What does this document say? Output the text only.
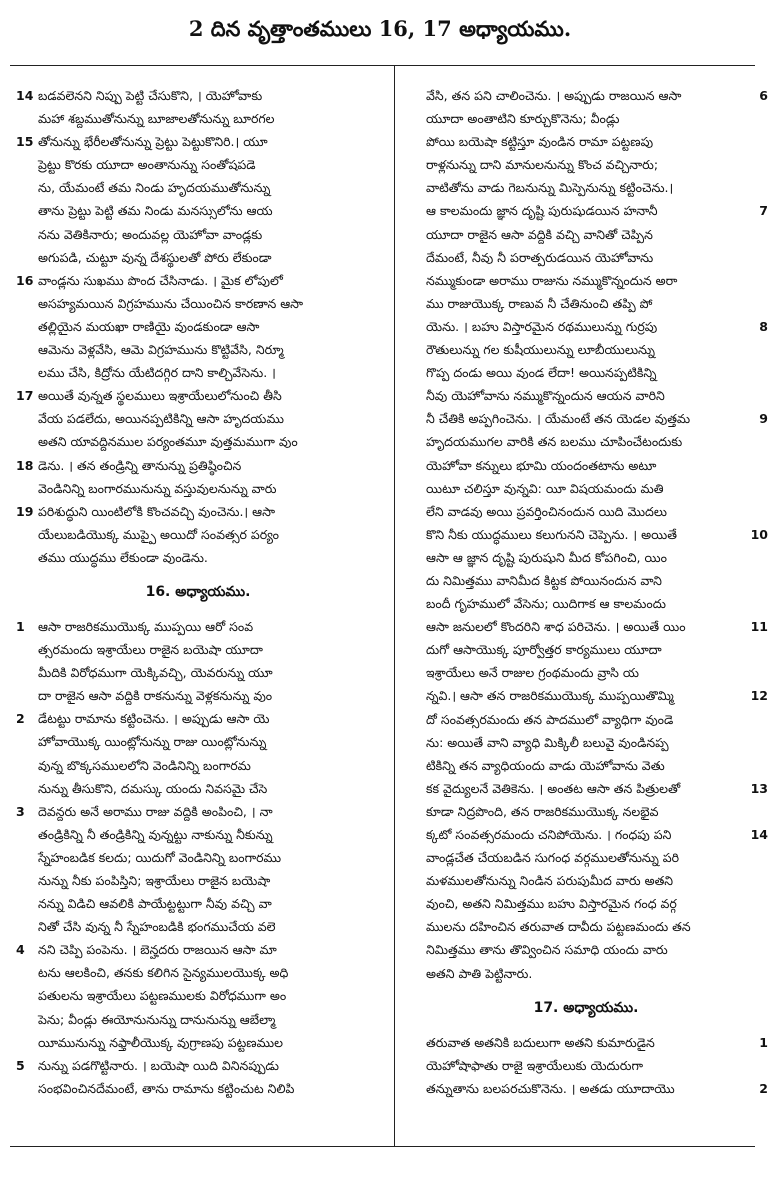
2 దిన వృత్తాంతములు 16, 17 అధ్యాయము.
14 బడవలెనని నిప్పు పెట్టి చేసుకొని, । యెహోవాకు
మహా శబ్దముతోనున్ను బూజాలతోనున్ను బూరగల
15 తోనున్ను భేరీలతోనున్ను ప్రెట్టు పెట్టుకొనిరి.। యూ
ప్రెట్టు కొరకు యూదా అంతానున్ను సంతోషపడె
ను, యేమంటే తమ నిండు హృదయముతోనున్ను
తాను ప్రెట్టు పెట్టి తమ నిండు మనస్సులోను ఆయ
నను వెతికినారు; అందువల్ల యెహోవా వాండ్లకు
అగుపడి, చుట్టూ వున్న దేశస్థులతో పోరు లేకుండా
16 వాండ్లను సుఖము పొంద చేసినాడు. । మైక లోపులో
అసహ్యమయిన విగ్రహమును చేయించిన కారణాన ఆసా
తల్లియైన మయఖా రాణియై వుండకుండా ఆసా
ఆమెను వెళ్లవేసి, ఆమె విగ్రహమును కొట్టివేసి, నిర్మూ
లము చేసి, కిద్రోను యేటిదగ్గిర దాని కాల్చివేసెను. ।
17 అయితే వున్నత స్థలములు ఇశ్రాయేలులోనుంచి తీసి
వేయ పడలేదు, అయినప్పటికిన్ని ఆసా హృదయము
అతని యావద్దినముల పర్యంతమూ వుత్తమముగా వుం
18 డెను. । తన తండ్రిన్ని తానున్ను ప్రతిష్ఠించిన
వెండినిన్ని బంగారమునున్ను వస్తువులనున్ను వారు
19 పరిశుద్ధుని యింటిలోకి కొంచవచ్చి వుంచెను.। ఆసా
యేలుబడియొక్క ముప్పై అయిదో సంవత్సర పర్యం
తము యుద్ధము లేకుండా వుండెను.
16. అధ్యాయము.
1	ఆసా రాజరికముయొక్క ముప్పయి ఆరో సంవ
త్సరమందు ఇశ్రాయేలు రాజైన బయెషా యూదా
మీదికి విరోధముగా యెక్కివచ్చి, యెవరున్ను యూ
దా రాజైన ఆసా వద్దికి రాకనున్ను వెళ్లకనున్ను వుం
2	డేటట్టు రామాను కట్టించెను. । అప్పుడు ఆసా యె
హోవాయొక్క యింట్లోనున్ను రాజు యింట్లోనున్ను
వున్న బొక్కసములలోని వెండినిన్ని బంగారమ
నున్ను తీసుకొని, దమస్కు యందు నివసమై చేసె
3	దెవన్దరు అనే అరాము రాజు వద్దికి అంపించి, । నా
తండ్రికిన్ని నీ తండ్రికిన్ని వున్నట్టు నాకున్ను నీకున్ను
స్నేహంబడిక కలదు; యిదుగో వెండినిన్ని బంగారము
నున్ను నీకు పంపిస్తిని; ఇశ్రాయేలు రాజైన బయెషా
నన్ను విడిచి ఆవలికి పాయేట్టట్టుగా నీవు వచ్చి వా
నితో చేసి వున్న నీ స్నేహంబడికి భంగముచేయ వలె
4	నని చెప్పి పంపెను. । బెన్హదరు రాజయిన ఆసా మా
టను ఆలకించి, తనకు కలిగిన సైన్యములయొక్క అధి
పతులను ఇశ్రాయేలు పట్టణములకు విరోధముగా అం
పెను; వీండ్లు ఈయోనునున్ను దానునున్ను ఆబేల్మా
యీమునున్ను నఫ్తాలీయొక్క వుగ్రాణపు పట్టణముల
5	నున్ను పడగొట్టినారు. । బయెషా యిది వినినప్పుడు
సంభవించినదేమంటే, తాను రామాను కట్టించుట నిలిపి
వేసి, తన పని చాలించెను. । అప్పుడు రాజయిన ఆసా	6
యూదా అంతాటిని కూర్చుకొనెను; వీండ్లు
పోయి బయెషా కట్టిస్తూ వుండిన రామా పట్టణపు
రాళ్లనున్ను దాని మానులనున్ను కొంచ వచ్చినారు;
వాటితోను వాడు గెబనున్ను మిస్పెనున్ను కట్టించెను.।
ఆ కాలమందు జ్ఞాన దృష్టి పురుషుడయిన హనానీ	7
యూదా రాజైన ఆసా వద్దికి వచ్చి వానితో చెప్పిన
దేమంటే, నీవు నీ పరాత్పరుడయిన యెహోవాను
నమ్ముకుండా అరాము రాజును నమ్ముకొన్నందున అరా
ము రాజుయొక్క రాణువ నీ చేతినుంచి తప్పి పో
యెను. । బహు విస్తారమైన రథములున్ను గుర్రపు	8
రౌతులున్ను గల కుషీయులున్ను లూబీయులున్ను
గొప్ప దండు అయి వుండ లేదా! అయినప్పటికిన్ని
నీవు యెహోవాను నమ్ముకొన్నందున ఆయన వారిని
నీ చేతికి అప్పగించెను. । యేమంటే తన యెడల వుత్తమ	9
హృదయముగల వారికి తన బలము చూపించేటందుకు
యెహోవా కన్నులు భూమి యందంతటాను అటూ
యిటూ చలిస్తూ వున్నవి: యీ విషయమందు మతి
లేని వాడవు అయి ప్రవర్తించినందున యిది మొదలు
కొని నీకు యుద్ధములు కలుగునని చెప్పెను. । అయితే	10
ఆసా ఆ జ్ఞాన దృష్టి పురుషుని మీద కోపగించి, యిం
దు నిమిత్తము వానిమీద కిట్టక పోయినందున వాని
బందీ గృహములో వేసెను; యిదిగాక ఆ కాలమందు
ఆసా జనులలో కొందరిని శాధ పరిచెను. । అయితే యిం	11
దుగో ఆసాయొక్క పూర్వోత్తర కార్యములు యూదా
ఇశ్రాయేలు అనే రాజుల గ్రంథమందు వ్రాసి య
న్నవి.। ఆసా తన రాజరికముయొక్క ముప్పయితొమ్మి	12
దో సంవత్సరమందు తన పాదములో వ్యాధిగా వుండె
ను: అయితే వాని వ్యాధి మిక్కిలీ బలువై వుండినప్ప
టికిన్ని తన వ్యాధియందు వాడు యెహోవాను వెతు
కక వైద్యులనే వెతికెను. । అంతట ఆసా తన పిత్రులతో	13
కూడా నిద్రపొంది, తన రాజరికముయొక్క నలభైవ
క్కటో సంవత్సరమందు చనిపోయెను. । గంధపు పని	14
వాండ్లచేత చేయబడిన సుగంధ వర్గములతోనున్ను పరి
మళములతోనున్ను నిండిన పరుపుమీద వారు అతని
వుంచి, అతని నిమిత్తము బహు విస్తారమైన గంధ వర్గ
ములను దహించిన తరువాత దావీదు పట్టణమందు తన
నిమిత్తము తాను తొవ్వించిన సమాధి యందు వారు
అతని పాతి పెట్టినారు.
17. అధ్యాయము.
తరువాత అతనికి బదులుగా అతని కుమారుడైన	1
యెహోషాఫాతు రాజై ఇశ్రాయేలుకు యెదురుగా
తన్నుతాను బలపరచుకొనెను. । అతడు యూదాయొ	2
